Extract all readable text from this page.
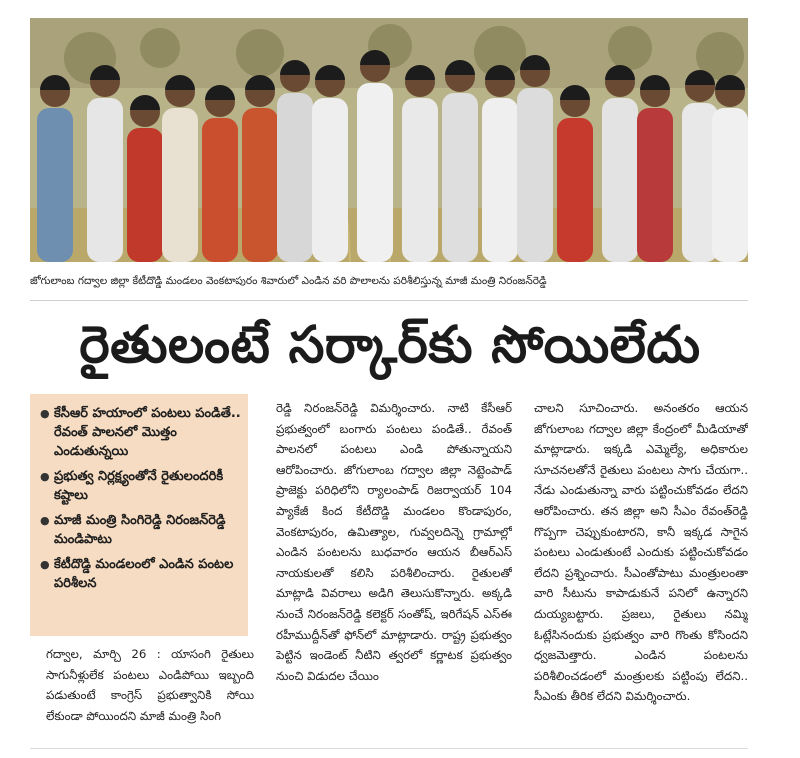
జోగులాంబ గద్వాల జిల్లా కేటీదొడ్డి మండలం వెంకటాపురం శివారులో ఎండిన వరి పొలాలను పరిశీలిస్తున్న మాజీ మంత్రి నిరంజన్‌రెడ్డి
రైతులంటే సర్కార్‌కు సోయిలేదు
● కేసీఆర్ హయాంలో పంటలు పండితే.. రేవంత్ పాలనలో మొత్తం ఎండుతున్నయి
● ప్రభుత్వ నిర్లక్ష్యంతోనే రైతులందరికీ కష్టాలు
● మాజీ మంత్రి సింగిరెడ్డి నిరంజన్‌రెడ్డి మండిపాటు
● కేటీదొడ్డి మండలంలో ఎండిన పంటల పరిశీలన

గద్వాల, మార్చి 26 : యాసంగి రైతులు సాగునీళ్లులేక పంటలు ఎండిపోయి ఇబ్బంది పడుతుంటే కాంగ్రెస్ ప్రభుత్వానికి సోయి లేకుండా పోయిందని మాజీ మంత్రి సింగి

రెడ్డి నిరంజన్‌రెడ్డి విమర్శించారు. నాటి కేసీఆర్ ప్రభుత్వంలో బంగారు పంటలు పండితే.. రేవంత్ పాలనలో పంటలు ఎండి పోతున్నాయని ఆరోపించారు. జోగులాంబ గద్వాల జిల్లా నెట్టెంపాడ్ ప్రాజెక్టు పరిధిలోని ర్యాలంపాడ్ రిజర్వాయర్ 104 ప్యాకేజీ కింద కేటీదొడ్డి మండలం కొండాపురం, వెంకటాపురం, ఉమిత్యాల, గువ్వలదిన్నె గ్రామాల్లో ఎండిన పంటలను బుధవారం ఆయన బీఆర్ఎస్ నాయకులతో కలిసి పరిశీలించారు. రైతులతో మాట్లాడి వివరాలు అడిగి తెలుసుకొన్నారు. అక్కడి నుంచే నిరంజన్‌రెడ్డి కలెక్టర్ సంతోష్, ఇరిగేషన్ ఎస్ఈ రహీముద్దీన్‌తో ఫోన్‌లో మాట్లాడారు. రాష్ట్ర ప్రభుత్వం పెట్టిన ఇండెంట్ నీటిని త్వరలో కర్ణాటక ప్రభుత్వం నుంచి విడుదల చేయిం

చాలని సూచించారు. అనంతరం ఆయన జోగులాంబ గద్వాల జిల్లా కేంద్రంలో మీడియాతో మాట్లాడారు. ఇక్కడి ఎమ్మెల్యే, అధికారుల సూచనలతోనే రైతులు పంటలు సాగు చేయగా.. నేడు ఎండుతున్నా వారు పట్టించుకోవడం లేదని ఆరోపించారు. తన జిల్లా అని సీఎం రేవంత్‌రెడ్డి గొప్పగా చెప్పుకుంటారని, కానీ ఇక్కడ సాగైన పంటలు ఎండుతుంటే ఎందుకు పట్టించుకోవడం లేదని ప్రశ్నించారు. సీఎంతోపాటు మంత్రులంతా వారి సీటును కాపాడుకునే పనిలో ఉన్నారని దుయ్యబట్టారు. ప్రజలు, రైతులు నమ్మి ఓట్లేసినందుకు ప్రభుత్వం వారి గొంతు కోసిందని ధ్వజమెత్తారు. ఎండిన పంటలను పరిశీలించడంలో మంత్రులకు పట్టింపు లేదని.. సీఎంకు తీరిక లేదని విమర్శించారు.
